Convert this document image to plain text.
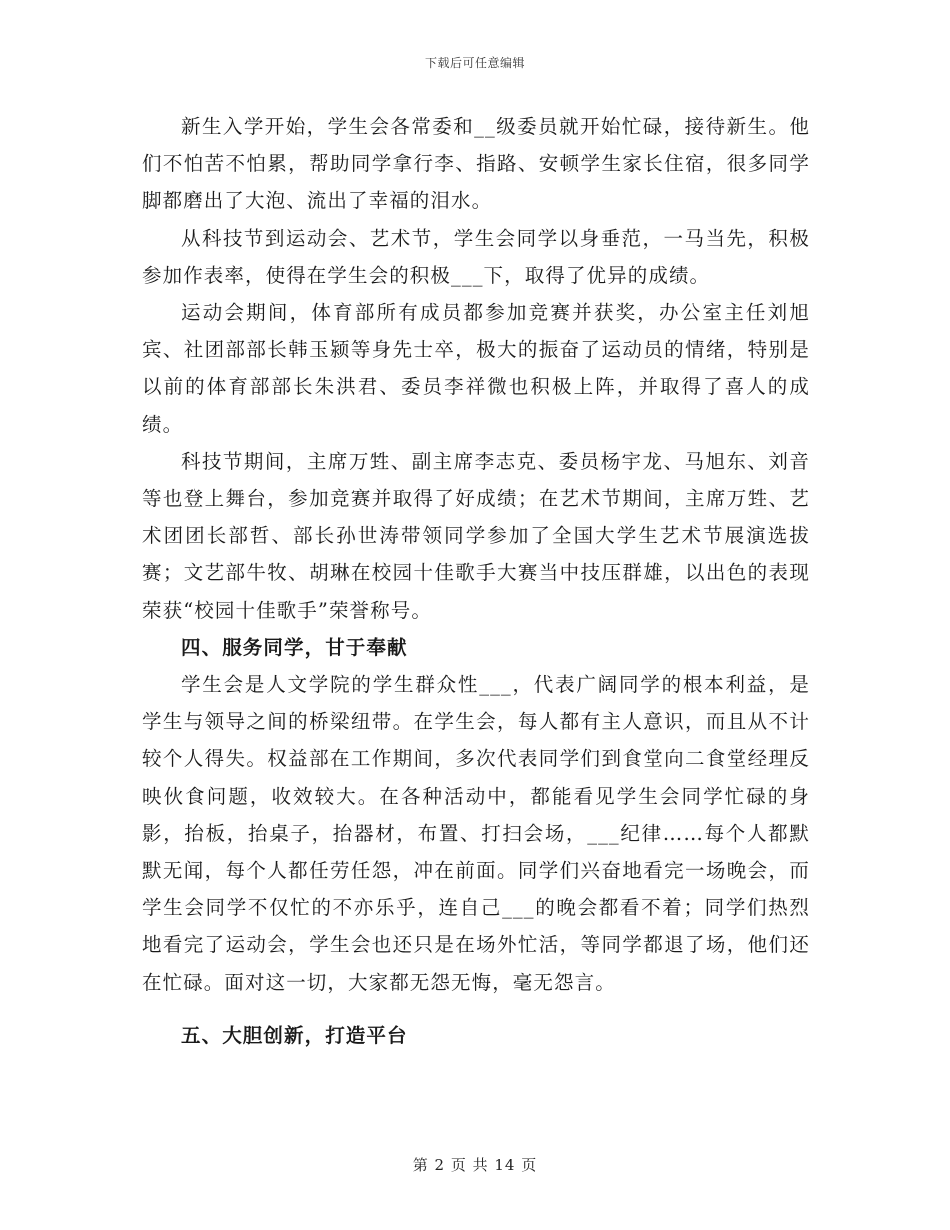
下载后可任意编辑

新生入学开始，学生会各常委和__级委员就开始忙碌，接待新生。他们不怕苦不怕累，帮助同学拿行李、指路、安顿学生家长住宿，很多同学脚都磨出了大泡、流出了幸福的泪水。

从科技节到运动会、艺术节，学生会同学以身垂范，一马当先，积极参加作表率，使得在学生会的积极___下，取得了优异的成绩。

运动会期间，体育部所有成员都参加竞赛并获奖，办公室主任刘旭宾、社团部部长韩玉颍等身先士卒，极大的振奋了运动员的情绪，特别是以前的体育部部长朱洪君、委员李祥微也积极上阵，并取得了喜人的成绩。

科技节期间，主席万甡、副主席李志克、委员杨宇龙、马旭东、刘音等也登上舞台，参加竞赛并取得了好成绩；在艺术节期间，主席万甡、艺术团团长部哲、部长孙世涛带领同学参加了全国大学生艺术节展演选拔赛；文艺部牛牧、胡琳在校园十佳歌手大赛当中技压群雄，以出色的表现荣获“校园十佳歌手”荣誉称号。

四、服务同学，甘于奉献

学生会是人文学院的学生群众性___，代表广阔同学的根本利益，是学生与领导之间的桥梁纽带。在学生会，每人都有主人意识，而且从不计较个人得失。权益部在工作期间，多次代表同学们到食堂向二食堂经理反映伙食问题，收效较大。在各种活动中，都能看见学生会同学忙碌的身影，抬板，抬桌子，抬器材，布置、打扫会场，___纪律……每个人都默默无闻，每个人都任劳任怨，冲在前面。同学们兴奋地看完一场晚会，而学生会同学不仅忙的不亦乐乎，连自己___的晚会都看不着；同学们热烈地看完了运动会，学生会也还只是在场外忙活，等同学都退了场，他们还在忙碌。面对这一切，大家都无怨无悔，毫无怨言。

五、大胆创新，打造平台

第 2 页 共 14 页
